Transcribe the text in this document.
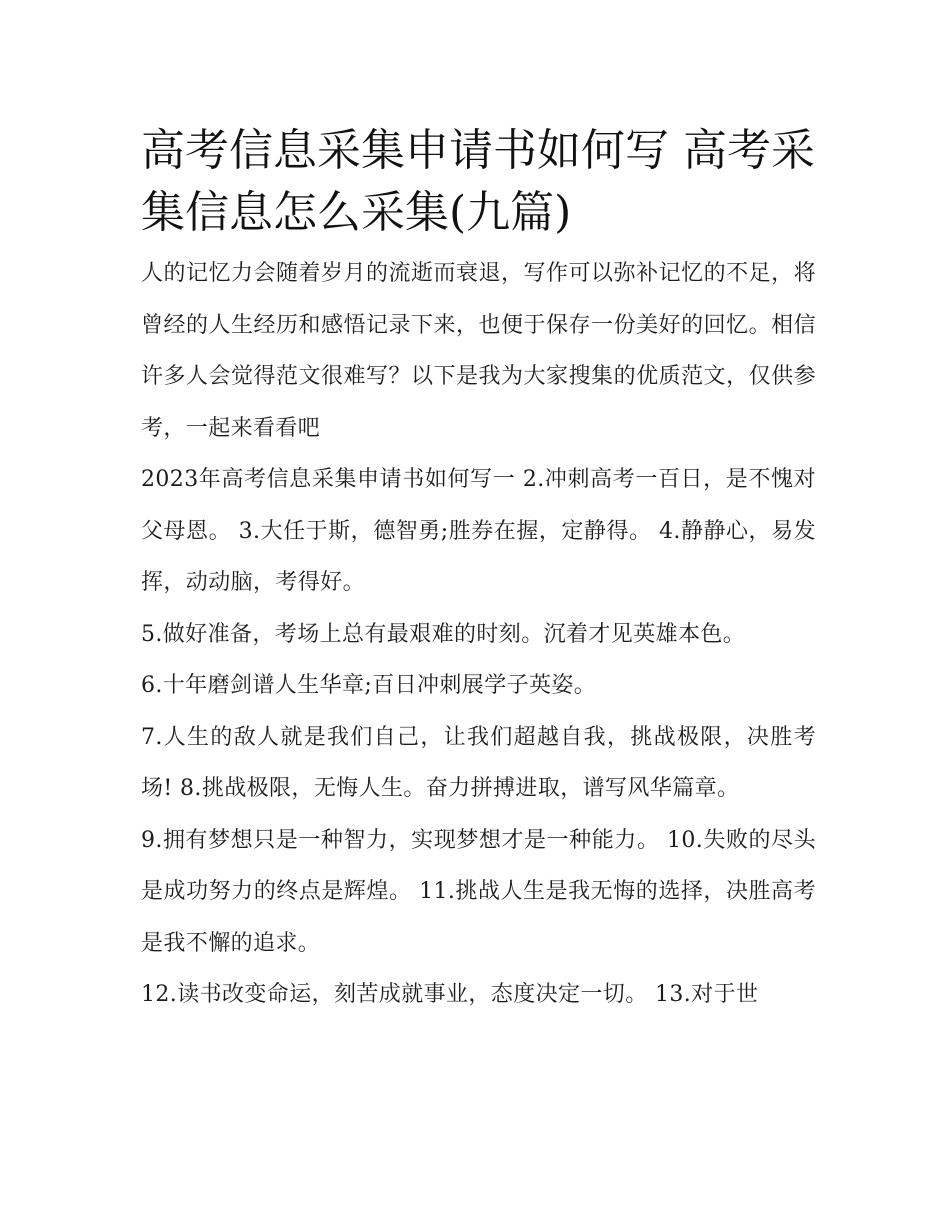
高考信息采集申请书如何写 高考采集信息怎么采集(九篇)

人的记忆力会随着岁月的流逝而衰退，写作可以弥补记忆的不足，将曾经的人生经历和感悟记录下来，也便于保存一份美好的回忆。相信许多人会觉得范文很难写？以下是我为大家搜集的优质范文，仅供参考，一起来看看吧

2023年高考信息采集申请书如何写一 2.冲刺高考一百日，是不愧对父母恩。 3.大任于斯，德智勇;胜券在握，定静得。 4.静静心，易发挥，动动脑，考得好。

5.做好准备，考场上总有最艰难的时刻。沉着才见英雄本色。

6.十年磨剑谱人生华章;百日冲刺展学子英姿。

7.人生的敌人就是我们自己，让我们超越自我，挑战极限，决胜考场! 8.挑战极限，无悔人生。奋力拼搏进取，谱写风华篇章。

9.拥有梦想只是一种智力，实现梦想才是一种能力。 10.失败的尽头是成功努力的终点是辉煌。 11.挑战人生是我无悔的选择，决胜高考是我不懈的追求。

12.读书改变命运，刻苦成就事业，态度决定一切。 13.对于世
